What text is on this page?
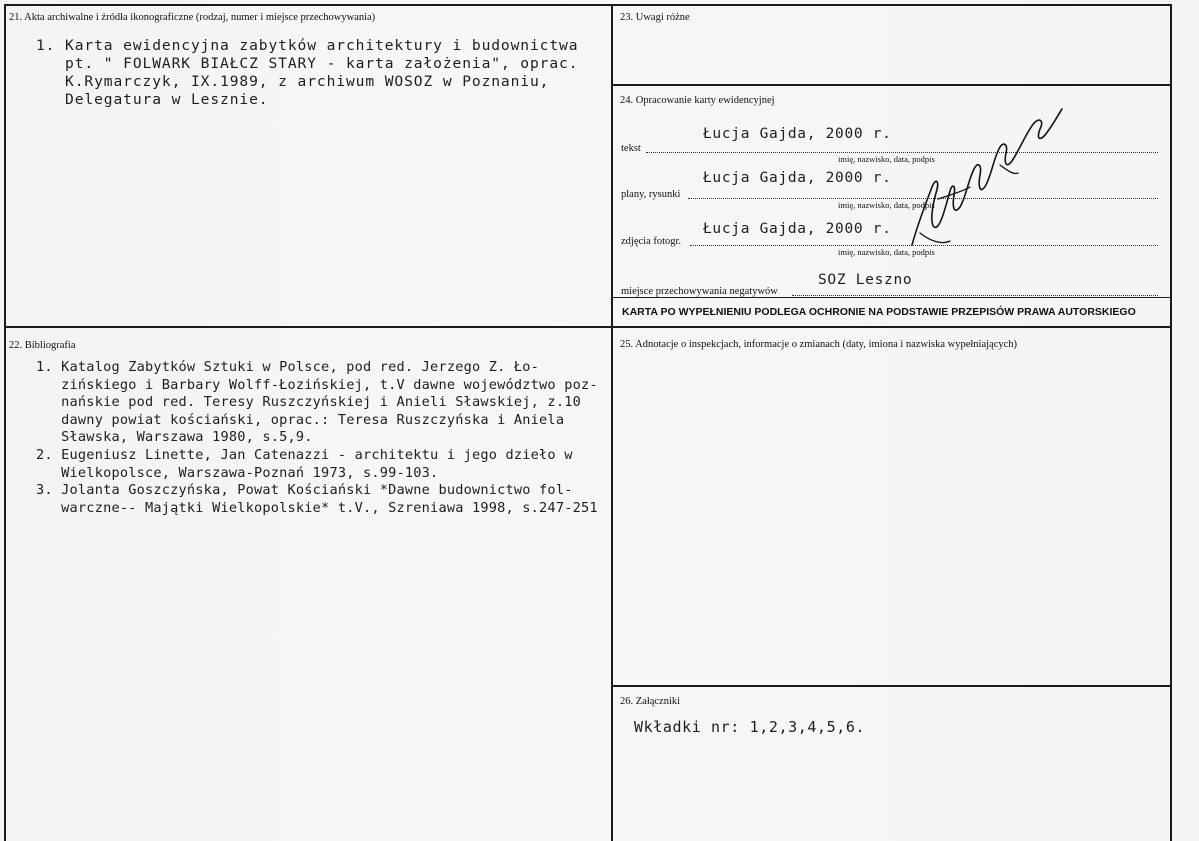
21. Akta archiwalne i źródła ikonograficzne (rodzaj, numer i miejsce przechowywania)
1. Karta ewidencyjna zabytków architektury i budownictwa
pt. " FOLWARK BIAŁCZ STARY - karta założenia", oprac.
K.Rymarczyk, IX.1989, z archiwum WOSOZ w Poznaniu,
Delegatura w Lesznie.
22. Bibliografia
1. Katalog Zabytków Sztuki w Polsce, pod red. Jerzego Z. Ło-
zińskiego i Barbary Wolff-Łozińskiej, t.V dawne województwo poz-
nańskie pod red. Teresy Ruszczyńskiej i Anieli Sławskiej, z.10
dawny powiat kościański, oprac.: Teresa Ruszczyńska i Aniela
Sławska, Warszawa 1980, s.5,9.
2. Eugeniusz Linette, Jan Catenazzi - architektu i jego dzieło w
Wielkopolsce, Warszawa-Poznań 1973, s.99-103.
3. Jolanta Goszczyńska, Powat Kościański *Dawne budownictwo fol-
warczne-- Majątki Wielkopolskie* t.V., Szreniawa 1998, s.247-251
23. Uwagi różne
24. Opracowanie karty ewidencyjnej
Łucja Gajda, 2000 r.
tekst
imię, nazwisko, data, podpis
Łucja Gajda, 2000 r.
plany, rysunki
imię, nazwisko, data, podpis
Łucja Gajda, 2000 r.
zdjęcia fotogr.
imię, nazwisko, data, podpis
SOZ Leszno
miejsce przechowywania negatywów
KARTA PO WYPEŁNIENIU PODLEGA OCHRONIE NA PODSTAWIE PRZEPISÓW PRAWA AUTORSKIEGO
25. Adnotacje o inspekcjach, informacje o zmianach (daty, imiona i nazwiska wypełniających)
26. Załączniki
Wkładki nr: 1,2,3,4,5,6.
